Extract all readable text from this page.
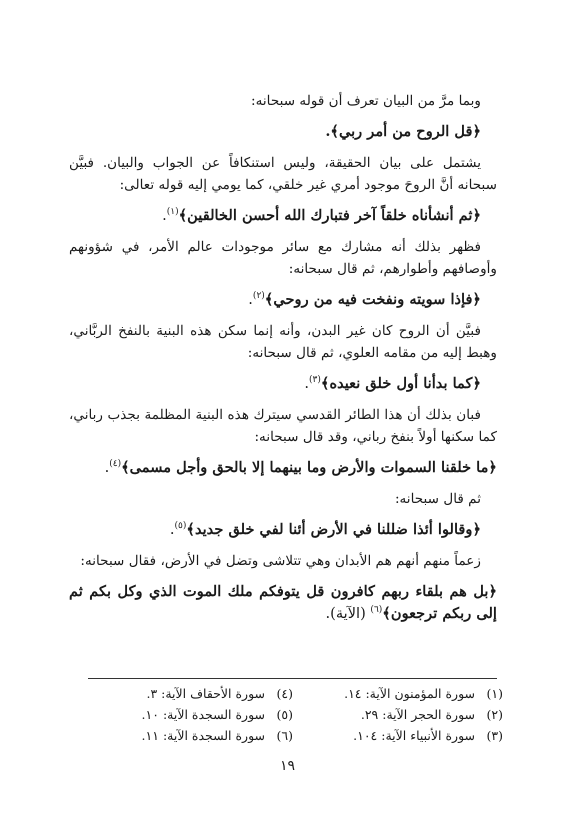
وبما مرَّ من البيان تعرف أن قوله سبحانه:

﴿قل الروح من أمر ربي﴾.

يشتمل على بيان الحقيقة، وليس استنكافاً عن الجواب والبيان. فبيَّن سبحانه أنَّ الروحَ موجود أمري غير خلقي، كما يومي إليه قوله تعالى:

﴿ثم أنشأناه خلقاً آخر فتبارك الله أحسن الخالقين﴾$^{(١)}$.

فظهر بذلك أنه مشارك مع سائر موجودات عالم الأمر، في شؤونهم وأوصافهم وأطوارهم، ثم قال سبحانه:

﴿فإذا سويته ونفخت فيه من روحي﴾$^{(٢)}$.

فبيَّن أن الروح كان غير البدن، وأنه إنما سكن هذه البنية بالنفخ الربَّاني، وهبط إليه من مقامه العلوي، ثم قال سبحانه:

﴿كما بدأنا أول خلق نعيده﴾$^{(٣)}$.

فبان بذلك أن هذا الطائر القدسي سيترك هذه البنية المظلمة بجذب رباني، كما سكنها أولاً بنفخ رباني، وقد قال سبحانه:

﴿ما خلقنا السموات والأرض وما بينهما إلا بالحق وأجل مسمى﴾$^{(٤)}$.

ثم قال سبحانه:

﴿وقالوا أئذا ضللنا في الأرض أئنا لفي خلق جديد﴾$^{(٥)}$.

زعماً منهم أنهم هم الأبدان وهي تتلاشى وتضل في الأرض، فقال سبحانه:

﴿بل هم بلقاء ربهم كافرون قل يتوفكم ملك الموت الذي وكل بكم ثم إلى ربكم ترجعون﴾$^{(٦)}$ (الآية).

(١) سورة المؤمنون الآية: ١٤.
(٢) سورة الحجر الآية: ٢٩.
(٣) سورة الأنبياء الآية: ١٠٤.
(٤) سورة الأحقاف الآية: ٣.
(٥) سورة السجدة الآية: ١٠.
(٦) سورة السجدة الآية: ١١.
١٩
